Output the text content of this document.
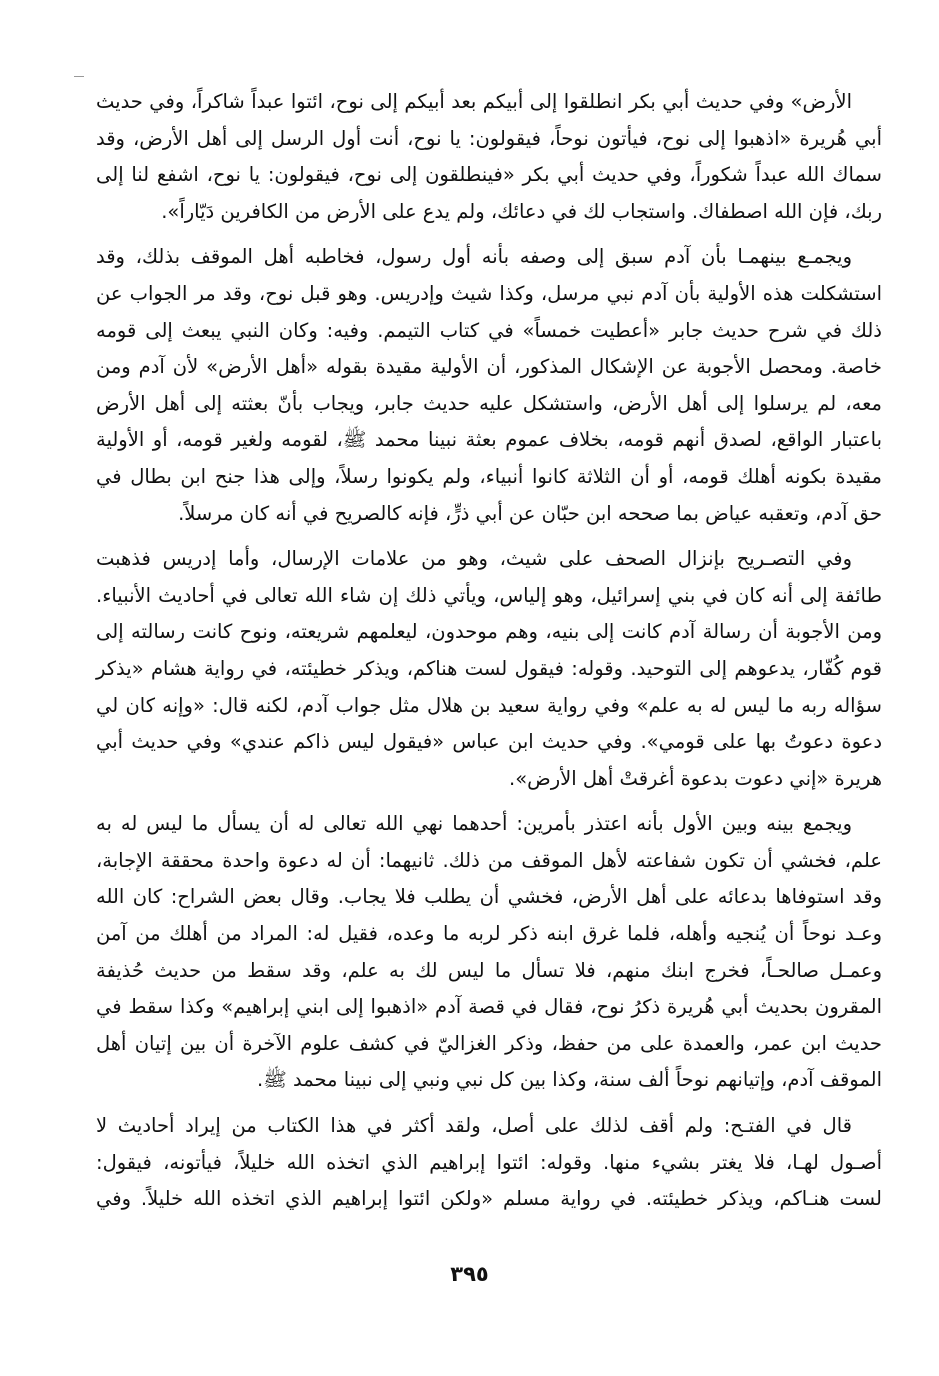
الأرض» وفي حديث أبي بكر انطلقوا إلى أبيكم بعد أبيكم إلى نوح، ائتوا عبداً شاكراً، وفي حديث
أبي هُريرة «اذهبوا إلى نوح، فيأتون نوحاً، فيقولون: يا نوح، أنت أول الرسل إلى أهل الأرض، وقد
سماك الله عبداً شكوراً، وفي حديث أبي بكر «فينطلقون إلى نوح، فيقولون: يا نوح، اشفع لنا إلى
ربك، فإن الله اصطفاك. واستجاب لك في دعائك، ولم يدع على الأرض من الكافرين دَيّاراً».
ويجمـع بينهمـا بأن آدم سبق إلى وصفه بأنه أول رسول، فخاطبه أهل الموقف بذلك، وقد
استشكلت هذه الأولية بأن آدم نبي مرسل، وكذا شيث وإدريس. وهو قبل نوح، وقد مر الجواب عن
ذلك في شرح حديث جابر «أعطيت خمساً» في كتاب التيمم. وفيه: وكان النبي يبعث إلى قومه
خاصة. ومحصل الأجوبة عن الإشكال المذكور، أن الأولية مقيدة بقوله «أهل الأرض» لأن آدم ومن
معه، لم يرسلوا إلى أهل الأرض، واستشكل عليه حديث جابر، ويجاب بأنّ بعثته إلى أهل الأرض
باعتبار الواقع، لصدق أنهم قومه، بخلاف عموم بعثة نبينا محمد ﷺ، لقومه ولغير قومه، أو الأولية
مقيدة بكونه أهلك قومه، أو أن الثلاثة كانوا أنبياء، ولم يكونوا رسلاً، وإلى هذا جنح ابن بطال في
حق آدم، وتعقبه عياض بما صححه ابن حبّان عن أبي ذرٍّ، فإنه كالصريح في أنه كان مرسلاً.
وفي التصـريح بإنزال الصحف على شيث، وهو من علامات الإرسال، وأما إدريس فذهبت
طائفة إلى أنه كان في بني إسرائيل، وهو إلياس، ويأتي ذلك إن شاء الله تعالى في أحاديث الأنبياء.
ومن الأجوبة أن رسالة آدم كانت إلى بنيه، وهم موحدون، ليعلمهم شريعته، ونوح كانت رسالته إلى
قوم كُفّار، يدعوهم إلى التوحيد. وقوله: فيقول لست هناكم، ويذكر خطيئته، في رواية هشام «يذكر
سؤاله ربه ما ليس له به علم» وفي رواية سعيد بن هلال مثل جواب آدم، لكنه قال: «وإنه كان لي
دعوة دعوتُ بها على قومي». وفي حديث ابن عباس «فيقول ليس ذاكم عندي» وفي حديث أبي
هريرة «إني دعوت بدعوة أغرقتْ أهل الأرض».
ويجمع بينه وبين الأول بأنه اعتذر بأمرين: أحدهما نهي الله تعالى له أن يسأل ما ليس له به
علم، فخشي أن تكون شفاعته لأهل الموقف من ذلك. ثانيهما: أن له دعوة واحدة محققة الإجابة،
وقد استوفاها بدعائه على أهل الأرض، فخشي أن يطلب فلا يجاب. وقال بعض الشراح: كان الله
وعـد نوحاً أن يُنجيه وأهله، فلما غرق ابنه ذكر لربه ما وعده، فقيل له: المراد من أهلك من آمن
وعمـل صالحـاً، فخرج ابنك منهم، فلا تسأل ما ليس لك به علم، وقد سقط من حديث حُذيفة
المقرون بحديث أبي هُريرة ذكرُ نوح، فقال في قصة آدم «اذهبوا إلى ابني إبراهيم» وكذا سقط في
حديث ابن عمر، والعمدة على من حفظ، وذكر الغزاليّ في كشف علوم الآخرة أن بين إتيان أهل
الموقف آدم، وإتيانهم نوحاً ألف سنة، وكذا بين كل نبي ونبي إلى نبينا محمد ﷺ.
قال في الفتـح: ولم أقف لذلك على أصل، ولقد أكثر في هذا الكتاب من إيراد أحاديث لا
أصـول لهـا، فلا يغتر بشيء منها. وقوله: ائتوا إبراهيم الذي اتخذه الله خليلاً، فيأتونه، فيقول:
لست هنـاكم، ويذكر خطيئته. في رواية مسلم «ولكن ائتوا إبراهيم الذي اتخذه الله خليلاً. وفي
٣٩٥
